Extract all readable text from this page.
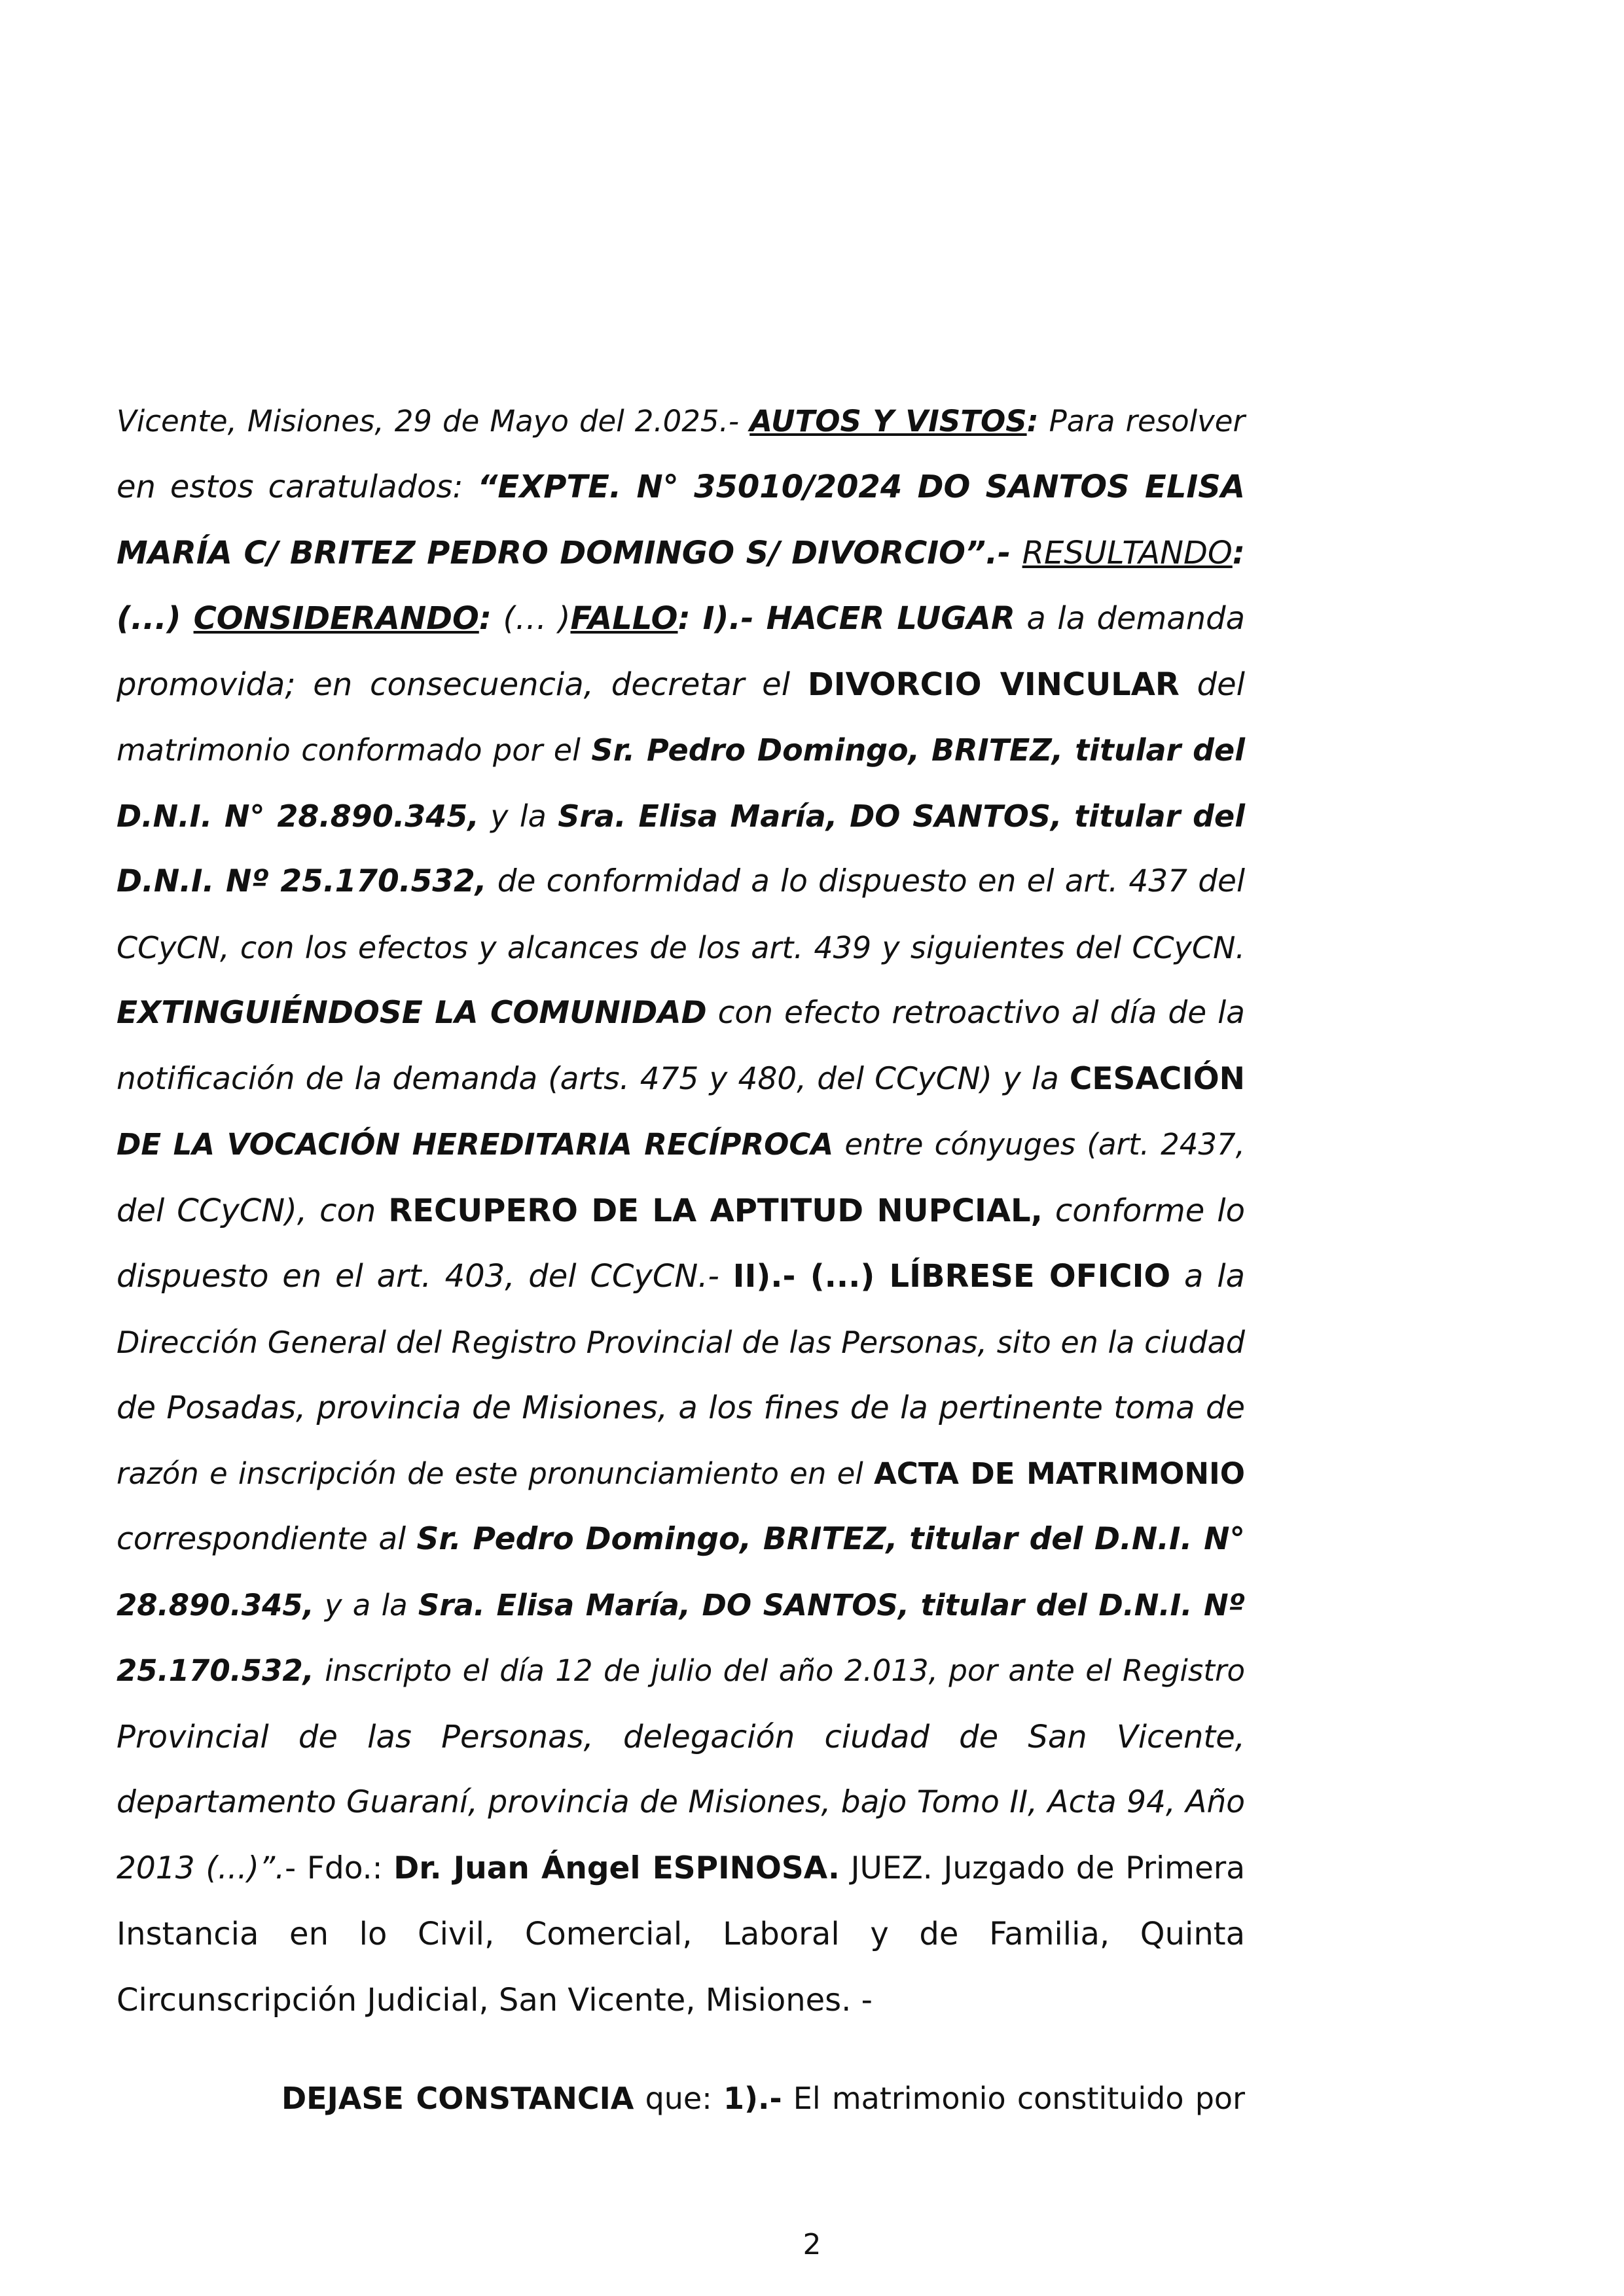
Vicente, Misiones, 29 de Mayo del 2.025.- AUTOS Y VISTOS: Para resolver
en estos caratulados: “EXPTE. N° 35010/2024 DO SANTOS ELISA
MARÍA C/ BRITEZ PEDRO DOMINGO S/ DIVORCIO”.- RESULTANDO:
(...) CONSIDERANDO: (… )FALLO: I).- HACER LUGAR a la demanda
promovida; en consecuencia, decretar el DIVORCIO VINCULAR del
matrimonio conformado por el Sr. Pedro Domingo, BRITEZ, titular del
D.N.I. N° 28.890.345, y la Sra. Elisa María, DO SANTOS, titular del
D.N.I. Nº 25.170.532, de conformidad a lo dispuesto en el art. 437 del
CCyCN, con los efectos y alcances de los art. 439 y siguientes del CCyCN.
EXTINGUIÉNDOSE LA COMUNIDAD con efecto retroactivo al día de la
notificación de la demanda (arts. 475 y 480, del CCyCN) y la CESACIÓN
DE LA VOCACIÓN HEREDITARIA RECÍPROCA entre cónyuges (art. 2437,
del CCyCN), con RECUPERO DE LA APTITUD NUPCIAL, conforme lo
dispuesto en el art. 403, del CCyCN.- II).- (...) LÍBRESE OFICIO a la
Dirección General del Registro Provincial de las Personas, sito en la ciudad
de Posadas, provincia de Misiones, a los fines de la pertinente toma de
razón e inscripción de este pronunciamiento en el ACTA DE MATRIMONIO
correspondiente al Sr. Pedro Domingo, BRITEZ, titular del D.N.I. N°
28.890.345, y a la Sra. Elisa María, DO SANTOS, titular del D.N.I. Nº
25.170.532, inscripto el día 12 de julio del año 2.013, por ante el Registro
Provincial de las Personas, delegación ciudad de San Vicente,
departamento Guaraní, provincia de Misiones, bajo Tomo II, Acta 94, Año
2013 (...)”.- Fdo.: Dr. Juan Ángel ESPINOSA. JUEZ. Juzgado de Primera
Instancia en lo Civil, Comercial, Laboral y de Familia, Quinta
Circunscripción Judicial, San Vicente, Misiones. -
DEJASE CONSTANCIA que: 1).- El matrimonio constituido por
2
